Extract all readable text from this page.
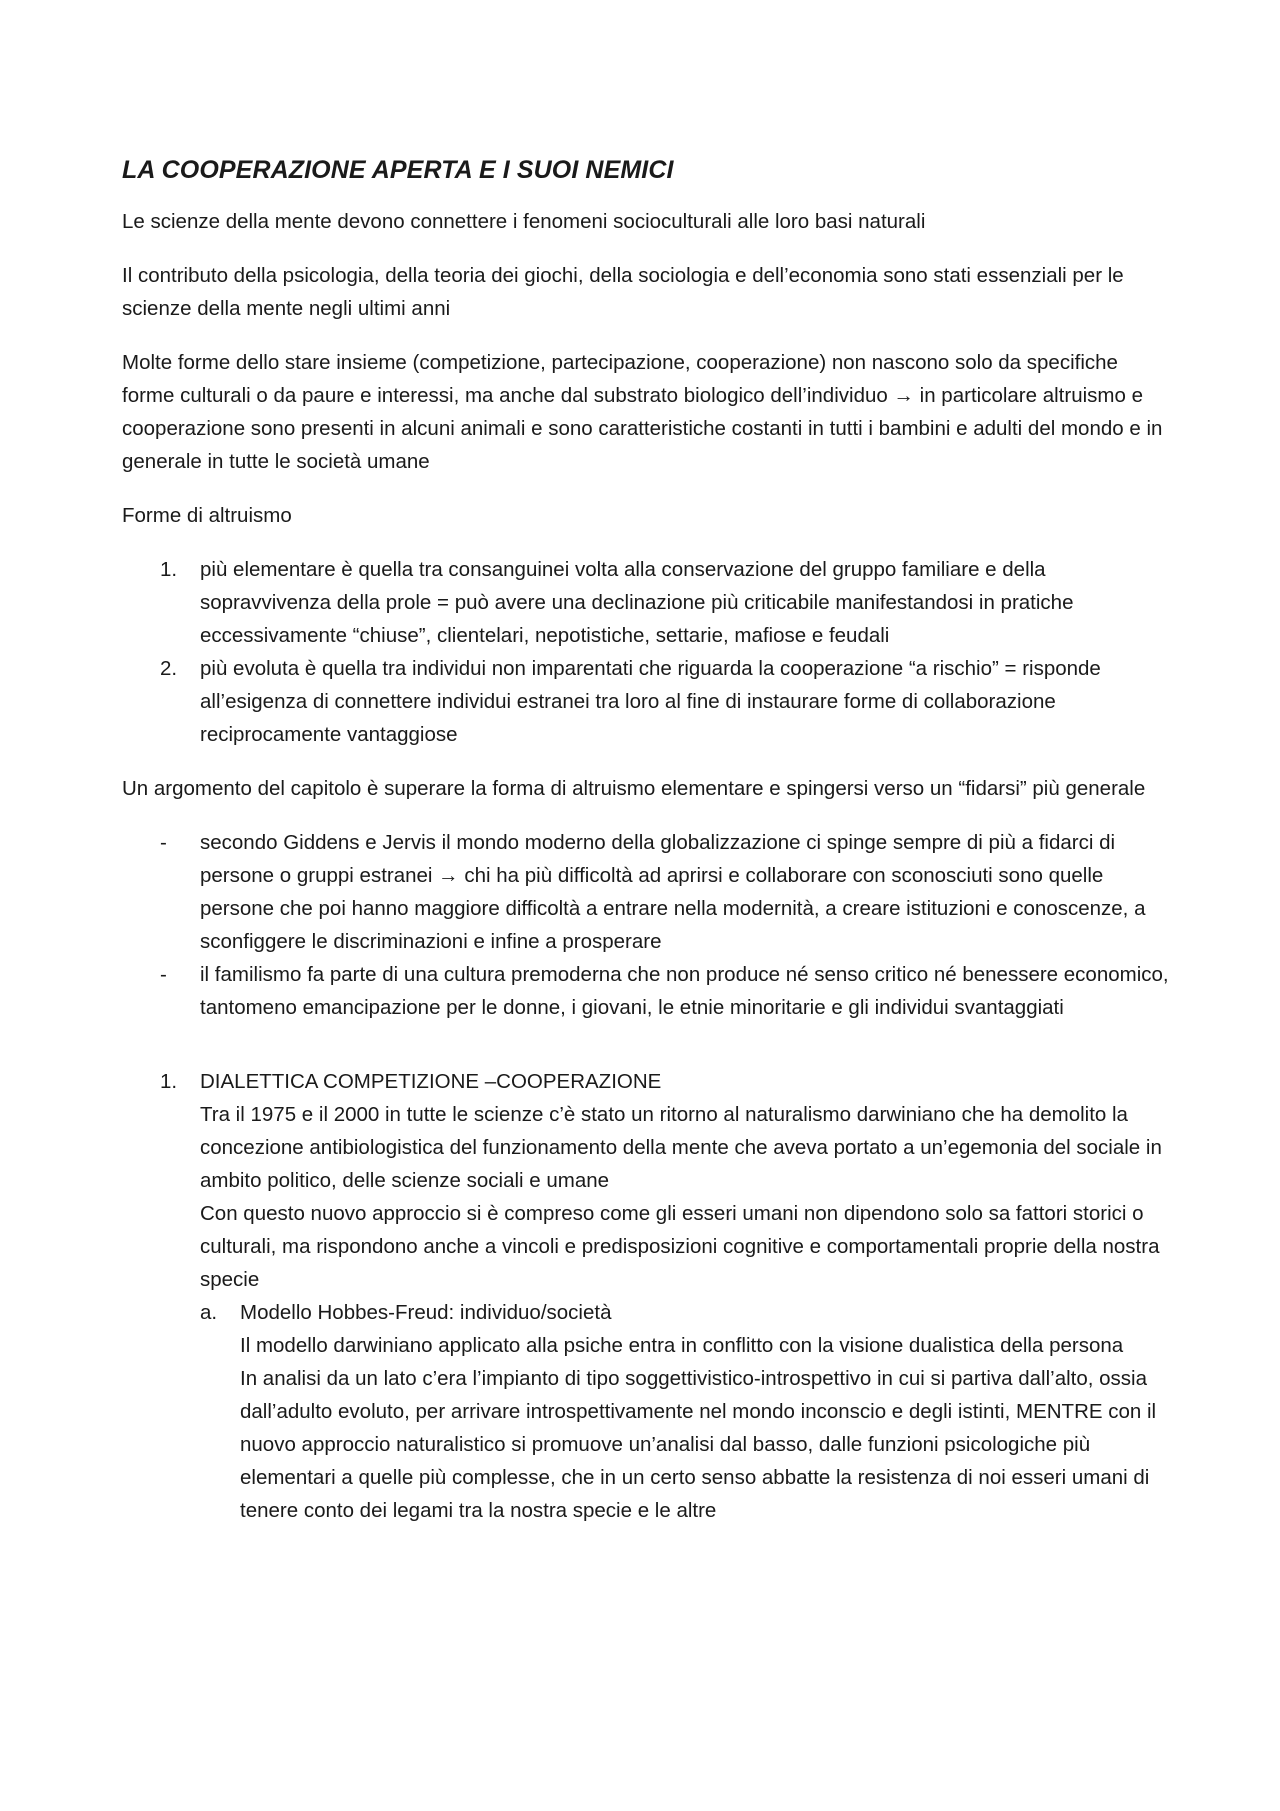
LA COOPERAZIONE APERTA E I SUOI NEMICI

Le scienze della mente devono connettere i fenomeni socioculturali alle loro basi naturali

Il contributo della psicologia, della teoria dei giochi, della sociologia e dell’economia sono stati essenziali per le scienze della mente negli ultimi anni

Molte forme dello stare insieme (competizione, partecipazione, cooperazione) non nascono solo da specifiche forme culturali o da paure e interessi, ma anche dal substrato biologico dell’individuo → in particolare altruismo e cooperazione sono presenti in alcuni animali e sono caratteristiche costanti in tutti i bambini e adulti del mondo e in generale in tutte le società umane

Forme di altruismo

1. più elementare è quella tra consanguinei volta alla conservazione del gruppo familiare e della sopravvivenza della prole = può avere una declinazione più criticabile manifestandosi in pratiche eccessivamente “chiuse”, clientelari, nepotistiche, settarie, mafiose e feudali
2. più evoluta è quella tra individui non imparentati che riguarda la cooperazione “a rischio” = risponde all’esigenza di connettere individui estranei tra loro al fine di instaurare forme di collaborazione reciprocamente vantaggiose

Un argomento del capitolo è superare la forma di altruismo elementare e spingersi verso un “fidarsi” più generale

- secondo Giddens e Jervis il mondo moderno della globalizzazione ci spinge sempre di più a fidarci di persone o gruppi estranei → chi ha più difficoltà ad aprirsi e collaborare con sconosciuti sono quelle persone che poi hanno maggiore difficoltà a entrare nella modernità, a creare istituzioni e conoscenze, a sconfiggere le discriminazioni e infine a prosperare
- il familismo fa parte di una cultura premoderna che non produce né senso critico né benessere economico, tantomeno emancipazione per le donne, i giovani, le etnie minoritarie e gli individui svantaggiati
1. DIALETTICA COMPETIZIONE –COOPERAZIONE
Tra il 1975 e il 2000 in tutte le scienze c’è stato un ritorno al naturalismo darwiniano che ha demolito la concezione antibiologistica del funzionamento della mente che aveva portato a un’egemonia del sociale in ambito politico, delle scienze sociali e umane
Con questo nuovo approccio si è compreso come gli esseri umani non dipendono solo sa fattori storici o culturali, ma rispondono anche a vincoli e predisposizioni cognitive e comportamentali proprie della nostra specie
a. Modello Hobbes-Freud: individuo/società
Il modello darwiniano applicato alla psiche entra in conflitto con la visione dualistica della persona
In analisi da un lato c’era l’impianto di tipo soggettivistico-introspettivo in cui si partiva dall’alto, ossia dall’adulto evoluto, per arrivare introspettivamente nel mondo inconscio e degli istinti, MENTRE con il nuovo approccio naturalistico si promuove un’analisi dal basso, dalle funzioni psicologiche più elementari a quelle più complesse, che in un certo senso abbatte la resistenza di noi esseri umani di tenere conto dei legami tra la nostra specie e le altre
